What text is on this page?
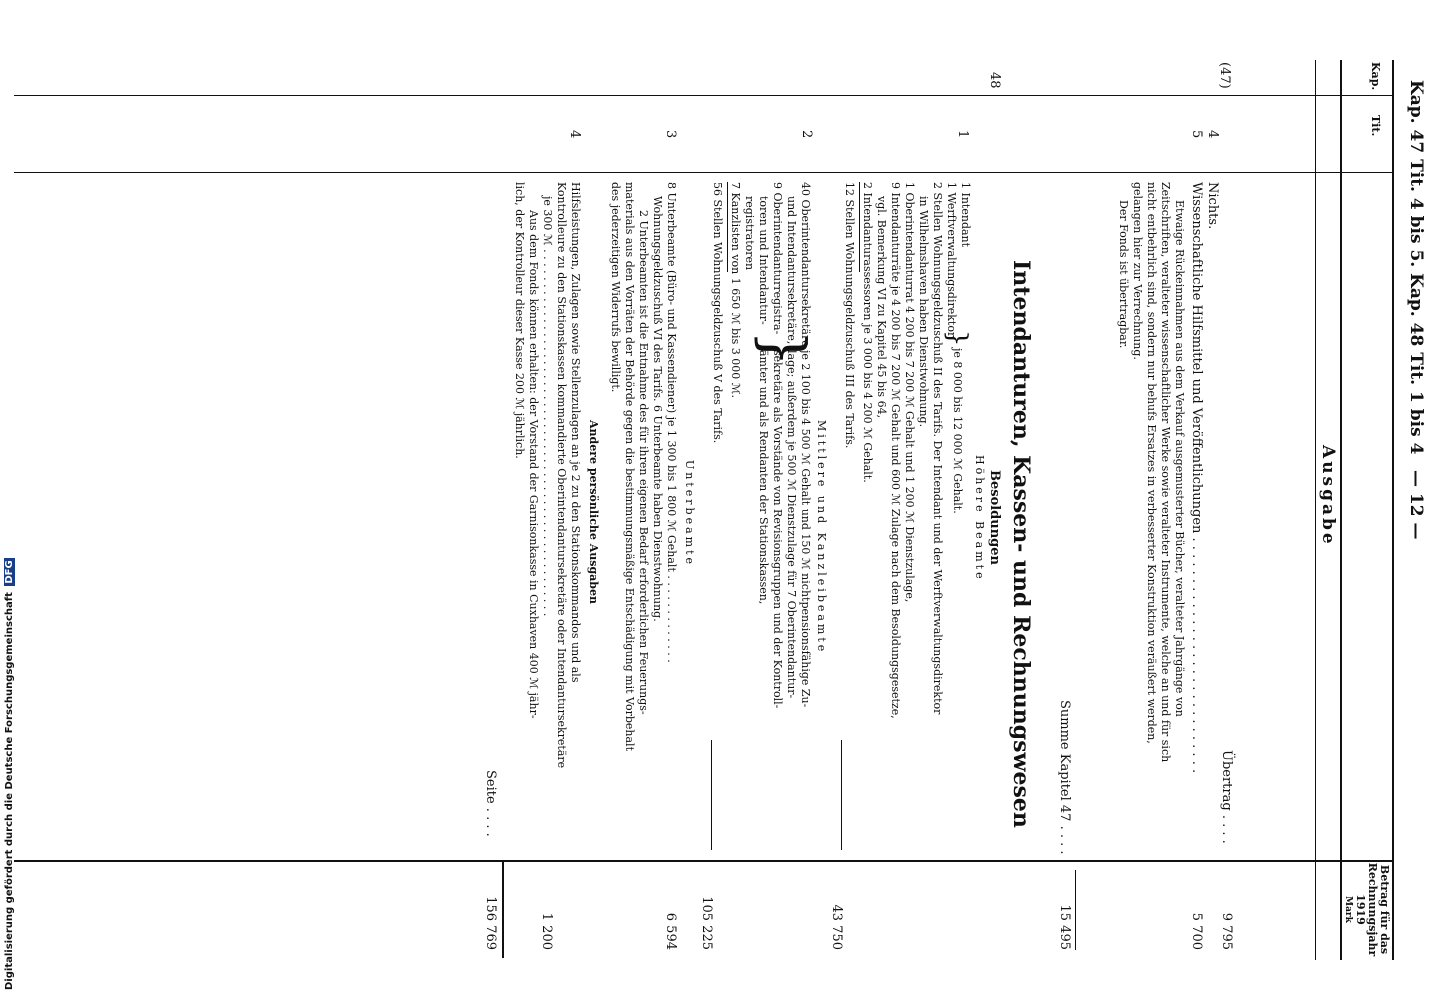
Kap. 47 Tit. 4 bis 5. Kap. 48 Tit. 1 bis 4
— 12 —
Kap.
Tit.
Ausgabe
Betrag für das
Rechnungsjahr
1919
Mark
(47)
Übertrag . . . .
9 795
4
Nichts.
5
Wissenschaftliche Hilfsmittel und Veröffentlichungen . . . . . . . . . . . . . . . . . . . . . . . . . . . . .
5 700
Etwaige Rückeinnahmen aus dem Verkauf ausgemusterter Bücher, veralteter Jahrgänge von
Zeitschriften, veralteter wissenschaftlicher Werke sowie veralteter Instrumente, welche an und für sich
nicht entbehrlich sind, sondern nur behufs Ersatzes in verbesserter Konstruktion veräußert werden,
gelangen hier zur Verrechnung.
Der Fonds ist übertragbar.
Summe Kapitel 47 . . . .
15 495
48
Intendanturen, Kassen- und Rechnungswesen
Besoldungen
Höhere Beamte
1
1 Intendant
1 Werftverwaltungsdirektor
}
je 8 000 bis 12 000 ℳ Gehalt.
2 Stellen Wohnungsgeldzuschuß II des Tarifs. Der Intendant und der Werftverwaltungsdirektor
in Wilhelmshaven haben Dienstwohnung.
1 Oberintendanturrat 4 200 bis 7 200 ℳ Gehalt und 1 200 ℳ Dienstzulage,
9 Intendanturräte je 4 200 bis 7 200 ℳ Gehalt und 600 ℳ Zulage nach dem Besoldungsgesetze,
vgl. Bemerkung VI zu Kapitel 45 bis 64,
2 Intendanturassessoren je 3 000 bis 4 200 ℳ Gehalt.
12 Stellen Wohnungsgeldzuschuß III des Tarifs.
43 750
Mittlere und Kanzleibeamte
2
40 Oberintendantursekretäre
und Intendantursekretäre,
9 Oberintendanturregistra-
toren und Intendantur-
registratoren
}
je 2 100 bis 4 500 ℳ Gehalt und 150 ℳ nichtpensionsfähige Zu-
lage; außerdem je 500 ℳ Dienstzulage für 7 Oberintendantur-
sekretäre als Vorstände von Revisionsgruppen und der Kontroll-
ämter und als Rendanten der Stationskassen,
7 Kanzlisten von 1 650 ℳ bis 3 000 ℳ.
56 Stellen Wohnungsgeldzuschuß V des Tarifs.
105 225
Unterbeamte
3
8 Unterbeamte (Büro- und Kassendiener) je 1 300 bis 1 800 ℳ Gehalt . . . . . . . . . . . . .
Wohnungsgeldzuschuß VI des Tarifs. 6 Unterbeamte haben Dienstwohnung.
2 Unterbeamten ist die Entnahme des für ihren eigenen Bedarf erforderlichen Feuerungs-
materials aus den Vorräten der Behörde gegen die bestimmungsmäßige Entschädigung mit Vorbehalt
des jederzeitigen Widerrufs bewilligt.
6 594
Andere persönliche Ausgaben
4
Hilfsleistungen, Zulagen sowie Stellenzulagen an je 2 zu den Stationskommandos und als
Kontrolleure zu den Stationskassen kommandierte Oberintendantursekretäre oder Intendantursekretäre
je 300 ℳ . . . . . . . . . . . . . . . . . . . . . . . . . . . . . . . . . . . . . . . . . . . . . . . . . . . . .
1 200
Aus dem Fonds können erhalten: der Vorstand der Garnisonkasse in Cuxhaven 400 ℳ jähr-
lich, der Kontrolleur dieser Kasse 200 ℳ jährlich.
Seite . . . .
156 769
Digitalisierung gefördert durch die Deutsche Forschungsgemeinschaft DFG
